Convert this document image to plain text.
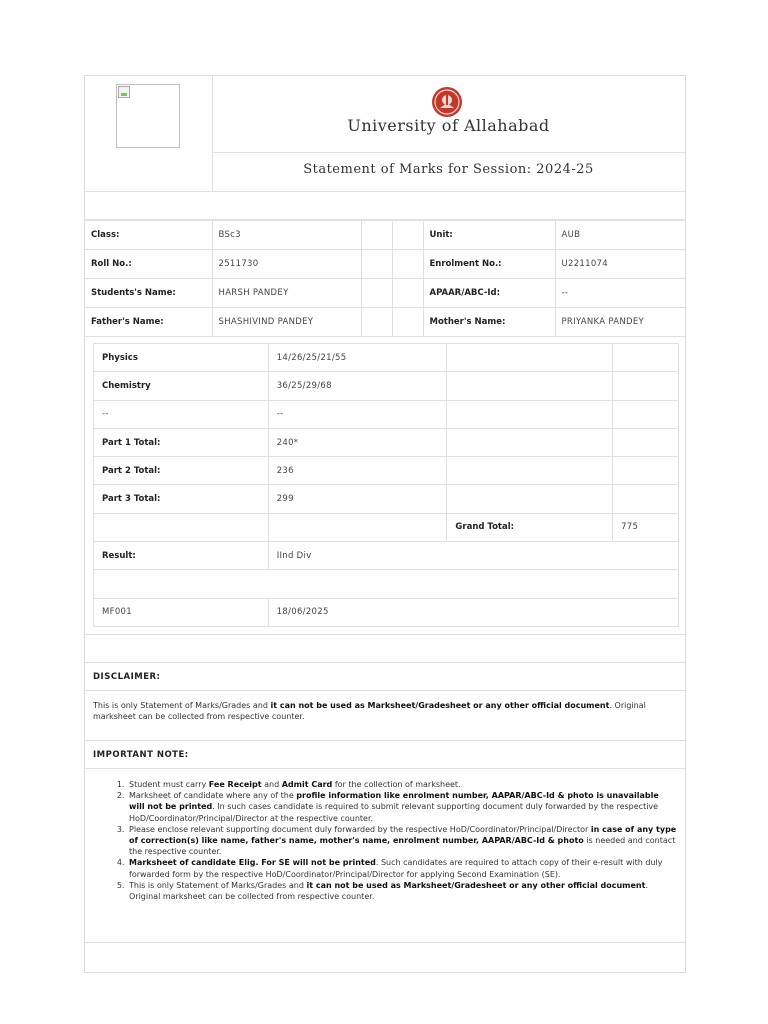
University of Allahabad
Statement of Marks for Session: 2024-25
Class:	BSc3			Unit:	AUB
Roll No.:	2511730			Enrolment No.:	U2211074
Students's Name:	HARSH PANDEY			APAAR/ABC-Id:	--
Father's Name:	SHASHIVIND PANDEY			Mother's Name:	PRIYANKA PANDEY
Physics	14/26/25/21/55		
Chemistry	36/25/29/68		
--	--		
Part 1 Total:	240*		
Part 2 Total:	236		
Part 3 Total:	299		
		Grand Total:	775
Result:	IInd Div		

MF001	18/06/2025		
DISCLAIMER:

This is only Statement of Marks/Grades and it can not be used as Marksheet/Gradesheet or any other official document. Original marksheet can be collected from respective counter.

IMPORTANT NOTE:
1. Student must carry Fee Receipt and Admit Card for the collection of marksheet.
2. Marksheet of candidate where any of the profile information like enrolment number, AAPAR/ABC-Id & photo is unavailable will not be printed. In such cases candidate is required to submit relevant supporting document duly forwarded by the respective HoD/Coordinator/Principal/Director at the respective counter.
3. Please enclose relevant supporting document duly forwarded by the respective HoD/Coordinator/Principal/Director in case of any type of correction(s) like name, father's name, mother's name, enrolment number, AAPAR/ABC-Id & photo is needed and contact the respective counter.
4. Marksheet of candidate Elig. For SE will not be printed. Such candidates are required to attach copy of their e-result with duly forwarded form by the respective HoD/Coordinator/Principal/Director for applying Second Examination (SE).
5. This is only Statement of Marks/Grades and it can not be used as Marksheet/Gradesheet or any other official document. Original marksheet can be collected from respective counter.
